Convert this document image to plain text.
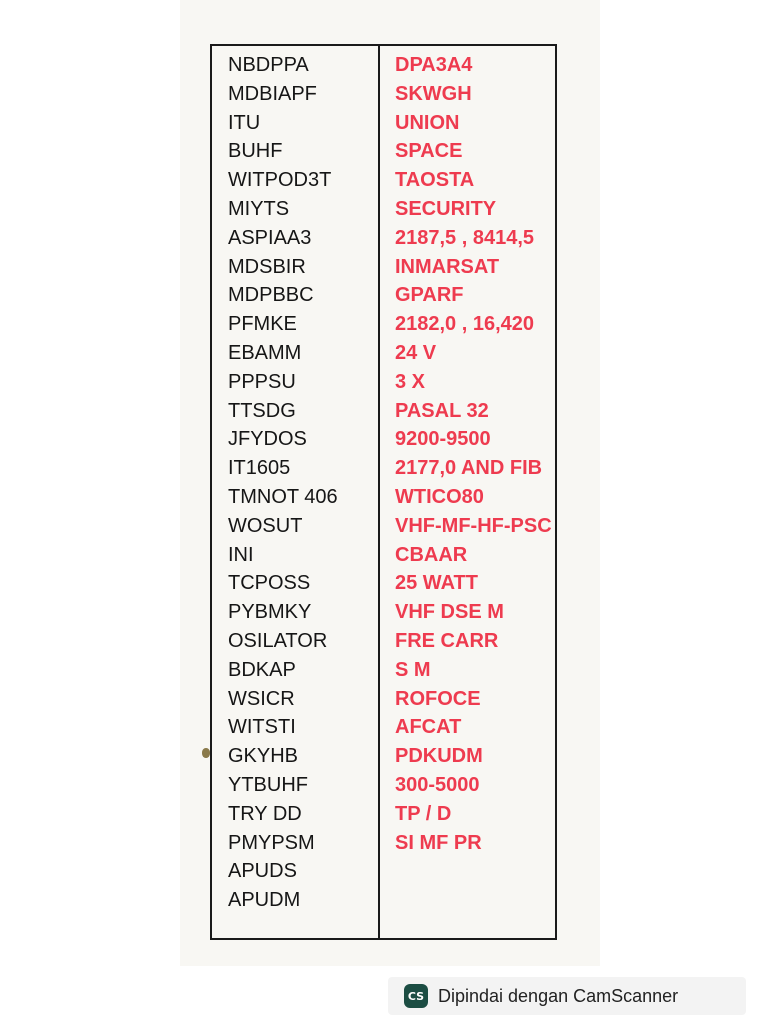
NBDPPA
MDBIAPF
ITU
BUHF
WITPOD3T
MIYTS
ASPIAA3
MDSBIR
MDPBBC
PFMKE
EBAMM
PPPSU
TTSDG
JFYDOS
IT1605
TMNOT 406
WOSUT
INI
TCPOSS
PYBMKY
OSILATOR
BDKAP
WSICR
WITSTI
GKYHB
YTBUHF
TRY DD
PMYPSM
APUDS
APUDM
DPA3A4
SKWGH
UNION
SPACE
TAOSTA
SECURITY
2187,5 , 8414,5
INMARSAT
GPARF
2182,0 , 16,420
24 V
3 X
PASAL 32
9200-9500
2177,0 AND FIB
WTICO80
VHF-MF-HF-PSC
CBAAR
25 WATT
VHF DSE M
FRE CARR
S M
ROFOCE
AFCAT
PDKUDM
300-5000
TP / D
SI MF PR
CS Dipindai dengan CamScanner
